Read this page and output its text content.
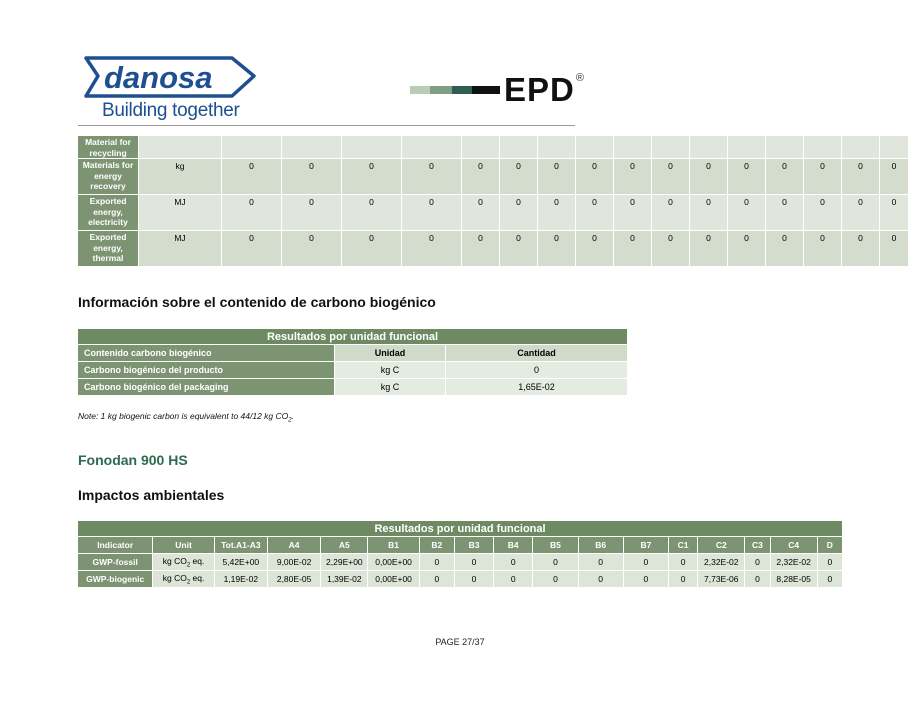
danosa
Building together
EPD ®
Material for recycling																	
Materials for energy recovery	kg	0	0	0	0	0	0	0	0	0	0	0	0	0	0	0	0
Exported energy, electricity	MJ	0	0	0	0	0	0	0	0	0	0	0	0	0	0	0	0
Exported energy, thermal	MJ	0	0	0	0	0	0	0	0	0	0	0	0	0	0	0	0
Información sobre el contenido de carbono biogénico
Resultados por unidad funcional		
Contenido carbono biogénico	Unidad	Cantidad
Carbono biogénico del producto	kg C	0
Carbono biogénico del packaging	kg C	1,65E-02
Note: 1 kg biogenic carbon is equivalent to 44/12 kg $CO_2$.
Fonodan 900 HS
Impactos ambientales
Resultados por unidad funcional																
Indicator	Unit	Tot.A1-A3	A4	A5	B1	B2	B3	B4	B5	B6	B7	C1	C2	C3	C4	D
GWP-fossil	kg $CO_2$ eq.	5,42E+00	9,00E-02	2,29E+00	0,00E+00	0	0	0	0	0	0	0	2,32E-02	0	2,32E-02	0
GWP-biogenic	kg $CO_2$ eq.	1,19E-02	2,80E-05	1,39E-02	0,00E+00	0	0	0	0	0	0	0	7,73E-06	0	8,28E-05	0
PAGE 27/37
